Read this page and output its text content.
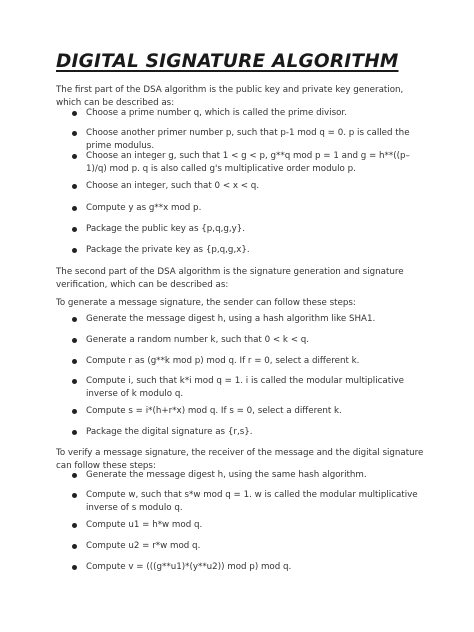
DIGITAL SIGNATURE ALGORITHM
The first part of the DSA algorithm is the public key and private key generation, which can be described as:
Choose a prime number q, which is called the prime divisor.
Choose another primer number p, such that p-1 mod q = 0. p is called the prime modulus.
Choose an integer g, such that 1 < g < p, g**q mod p = 1 and g = h**((p–1)/q) mod p. q is also called g's multiplicative order modulo p.
Choose an integer, such that 0 < x < q.
Compute y as g**x mod p.
Package the public key as {p,q,g,y}.
Package the private key as {p,q,g,x}.
The second part of the DSA algorithm is the signature generation and signature verification, which can be described as:
To generate a message signature, the sender can follow these steps:
Generate the message digest h, using a hash algorithm like SHA1.
Generate a random number k, such that 0 < k < q.
Compute r as (g**k mod p) mod q. If r = 0, select a different k.
Compute i, such that k*i mod q = 1. i is called the modular multiplicative inverse of k modulo q.
Compute s = i*(h+r*x) mod q. If s = 0, select a different k.
Package the digital signature as {r,s}.
To verify a message signature, the receiver of the message and the digital signature can follow these steps:
Generate the message digest h, using the same hash algorithm.
Compute w, such that s*w mod q = 1. w is called the modular multiplicative inverse of s modulo q.
Compute u1 = h*w mod q.
Compute u2 = r*w mod q.
Compute v = (((g**u1)*(y**u2)) mod p) mod q.
